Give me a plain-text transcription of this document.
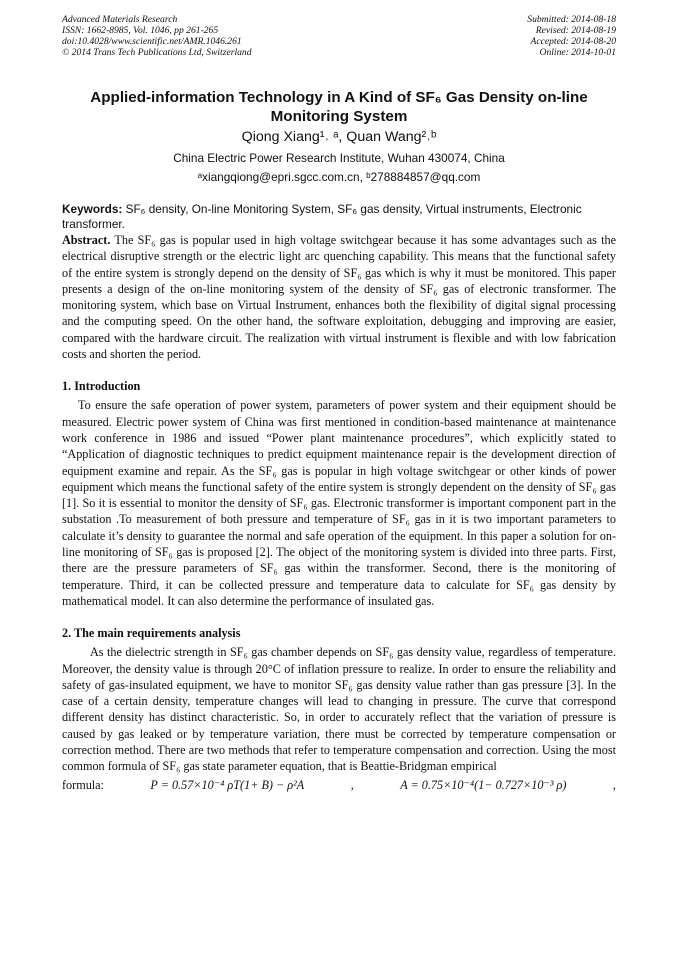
Advanced Materials Research
ISSN: 1662-8985, Vol. 1046, pp 261-265
doi:10.4028/www.scientific.net/AMR.1046.261
© 2014 Trans Tech Publications Ltd, Switzerland
Submitted: 2014-08-18
Revised: 2014-08-19
Accepted: 2014-08-20
Online: 2014-10-01
Applied-information Technology in A Kind of SF₆ Gas Density on-line
Monitoring System
Qiong Xiang¹˒ ᵃ, Quan Wang²˒ᵇ
China Electric Power Research Institute, Wuhan 430074, China
ᵃxiangqiong@epri.sgcc.com.cn, ᵇ278884857@qq.com
Keywords: SF₆ density, On-line Monitoring System, SF₆ gas density, Virtual instruments, Electronic transformer.

Abstract. The SF₆ gas is popular used in high voltage switchgear because it has some advantages such as the electrical disruptive strength or the electric light arc quenching capability. This means that the functional safety of the entire system is strongly depend on the density of SF₆ gas which is why it must be monitored. This paper presents a design of the on-line monitoring system of the density of SF₆ gas of electronic transformer. The monitoring system, which base on Virtual Instrument, enhances both the flexibility of digital signal processing and the computing speed. On the other hand, the software exploitation, debugging and improving are easier, compared with the hardware circuit. The realization with virtual instrument is flexible and with low fabrication costs and shorten the period.

1. Introduction

To ensure the safe operation of power system, parameters of power system and their equipment should be measured. Electric power system of China was first mentioned in condition-based maintenance at maintenance work conference in 1986 and issued “Power plant maintenance procedures”, which explicitly stated to “Application of diagnostic techniques to predict equipment maintenance repair is the development direction of equipment examine and repair. As the SF₆ gas is popular in high voltage switchgear or other kinds of power equipment which means the functional safety of the entire system is strongly dependent on the density of SF₆ gas [1]. So it is essential to monitor the density of SF₆ gas. Electronic transformer is important component part in the substation .To measurement of both pressure and temperature of SF₆ gas in it is two important parameters to calculate it’s density to guarantee the normal and safe operation of the equipment. In this paper a solution for on-line monitoring of SF₆ gas is proposed [2]. The object of the monitoring system is divided into three parts. First, there are the pressure parameters of SF₆ gas within the transformer. Second, there is the monitoring of temperature. Third, it can be collected pressure and temperature data to calculate for SF₆ gas density by mathematical model. It can also determine the performance of insulated gas.

2. The main requirements analysis

As the dielectric strength in SF₆ gas chamber depends on SF₆ gas density value, regardless of temperature. Moreover, the density value is through 20°C of inflation pressure to realize. In order to ensure the reliability and safety of gas-insulated equipment, we have to monitor SF₆ gas density value rather than gas pressure [3]. In the case of a certain density, temperature changes will lead to changing in pressure. The curve that correspond different density has distinct characteristic. So, in order to accurately reflect that the variation of pressure is caused by gas leaked or by temperature variation, there must be corrected by temperature compensation or correction method. There are two methods that refer to temperature compensation and correction. Using the most common formula of SF₆ gas state parameter equation, that is Beattie-Bridgman empirical

formula:	P = 0.57×10⁻⁴ ρT(1+ B) − ρ²A	,	A = 0.75×10⁻⁴(1− 0.727×10⁻³ ρ)	,
